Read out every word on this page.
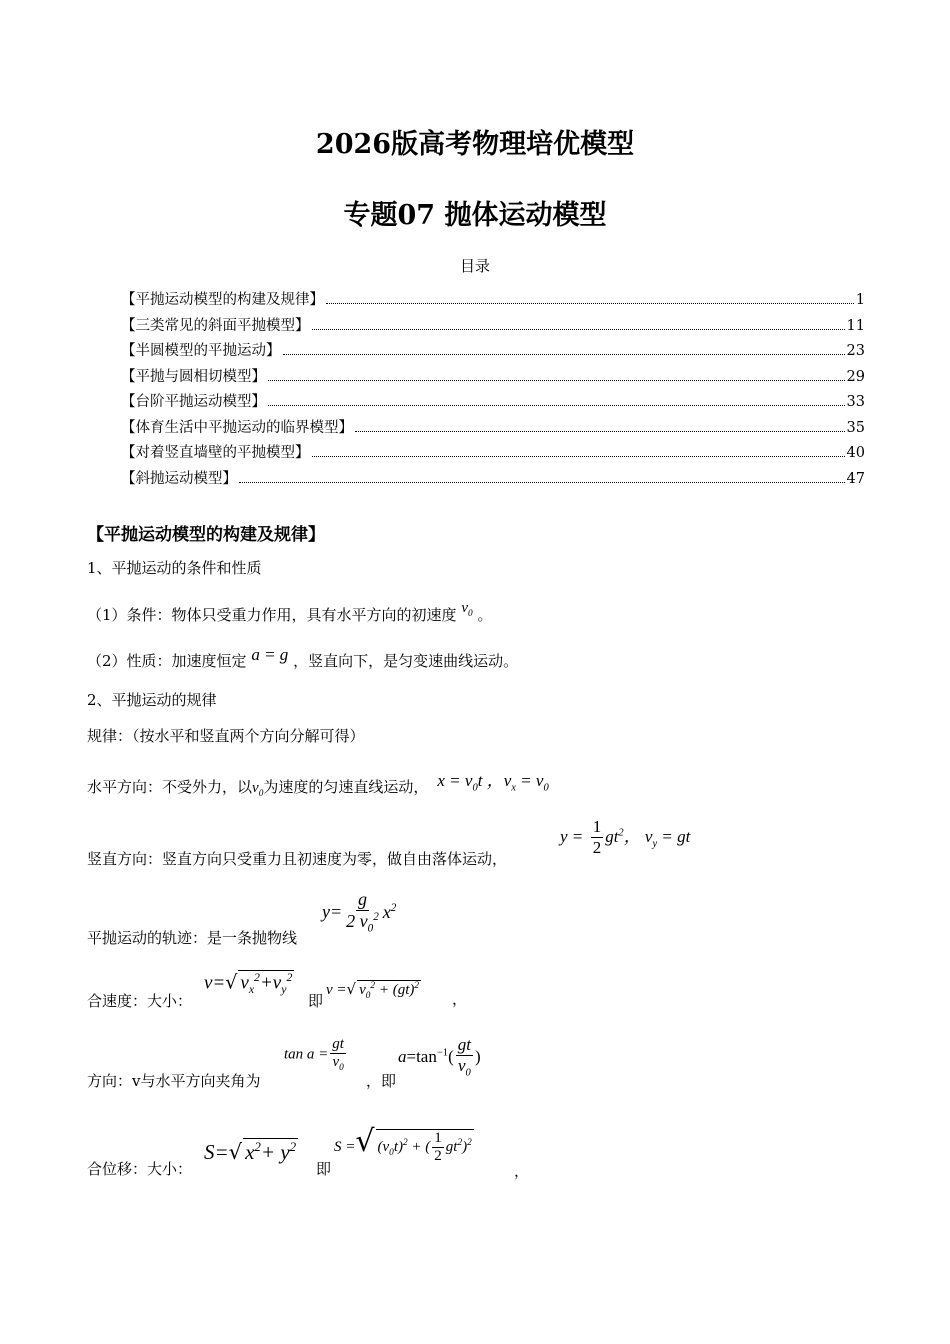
2026版高考物理培优模型
专题07 抛体运动模型
目录
【平抛运动模型的构建及规律】	1
【三类常见的斜面平抛模型】	11
【半圆模型的平抛运动】	23
【平抛与圆相切模型】	29
【台阶平抛运动模型】	33
【体育生活中平抛运动的临界模型】	35
【对着竖直墙壁的平抛模型】	40
【斜抛运动模型】	47
【平抛运动模型的构建及规律】
1、平抛运动的条件和性质
（1）条件：物体只受重力作用，具有水平方向的初速度 $v_0$ 。
（2）性质：加速度恒定 a = g ，竖直向下，是匀变速曲线运动。
2、平抛运动的规律
规律：（按水平和竖直两个方向分解可得）
水平方向：不受外力，以$v_0$为速度的匀速直线运动，  $x = v_0t$ ，$v_x = v_0$
竖直方向：竖直方向只受重力且初速度为零，做自由落体运动，
$y = \frac{1}{2} gt^2$， $v_y$ = gt
平抛运动的轨迹：是一条抛物线
$y= \frac{g}{2 v_0^2} x^2$
合速度：大小：
v=√ $v_x^2+v_y^2$
即
v =√ $v_0^2 + (gt)^2$
，
方向：v与水平方向夹角为
$\tan a = \frac{gt}{v_0}$
，即
$a=\tan^{-1}( \frac{gt}{v_0}$ )
合位移：大小：
S=√ $x^2+ y^2$
即
S =√ $(v_0t)^2$ + ( $\frac{1}{2} gt^2)^2$
，
